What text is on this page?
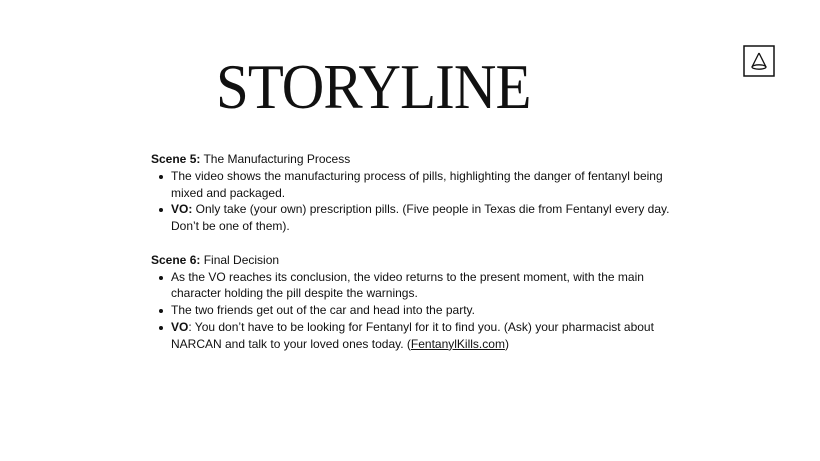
STORYLINE

Scene 5: The Manufacturing Process

The video shows the manufacturing process of pills, highlighting the danger of fentanyl being mixed and packaged.
VO: Only take (your own) prescription pills. (Five people in Texas die from Fentanyl every day. Don’t be one of them).

Scene 6: Final Decision

As the VO reaches its conclusion, the video returns to the present moment, with the main character holding the pill despite the warnings.
The two friends get out of the car and head into the party.
VO: You don’t have to be looking for Fentanyl for it to find you. (Ask) your pharmacist about NARCAN and talk to your loved ones today. (FentanylKills.com)
